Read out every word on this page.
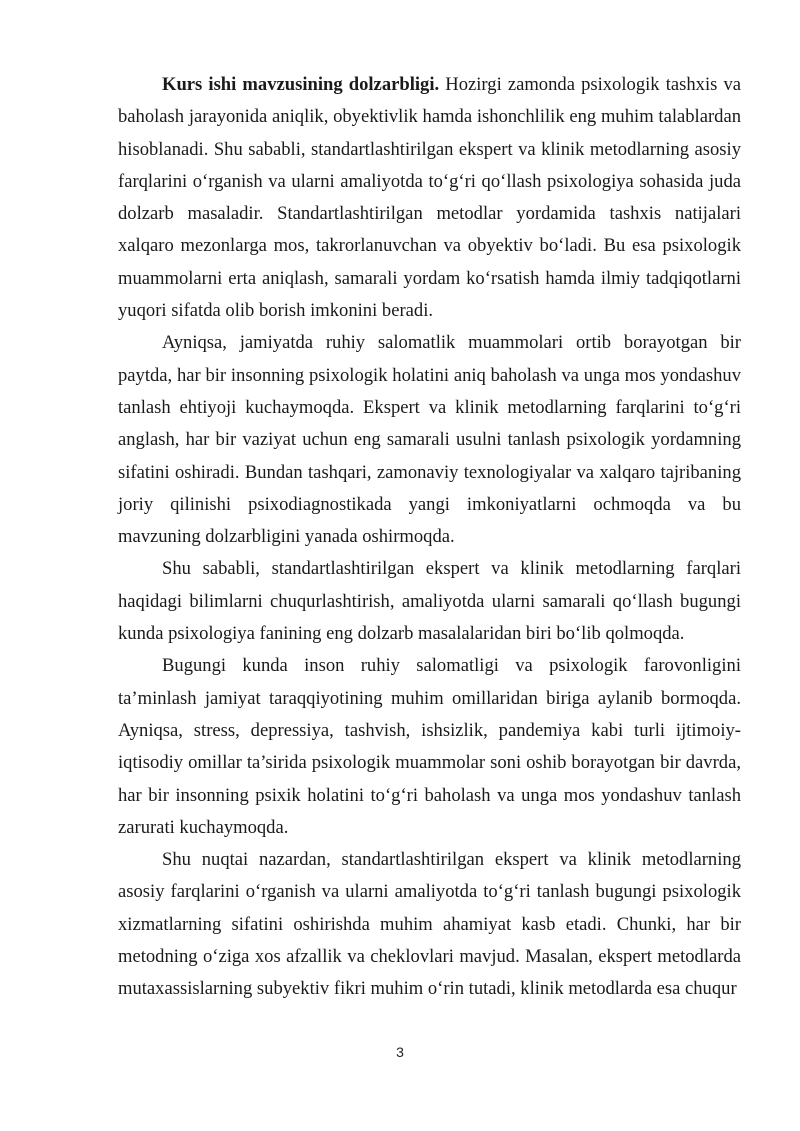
Kurs ishi mavzusining dolzarbligi. Hozirgi zamonda psixologik tashxis va baholash jarayonida aniqlik, obyektivlik hamda ishonchlilik eng muhim talablardan hisoblanadi. Shu sababli, standartlashtirilgan ekspert va klinik metodlarning asosiy farqlarini oʻrganish va ularni amaliyotda toʻgʻri qoʻllash psixologiya sohasida juda dolzarb masaladir. Standartlashtirilgan metodlar yordamida tashxis natijalari xalqaro mezonlarga mos, takrorlanuvchan va obyektiv boʻladi. Bu esa psixologik muammolarni erta aniqlash, samarali yordam koʻrsatish hamda ilmiy tadqiqotlarni yuqori sifatda olib borish imkonini beradi.

Ayniqsa, jamiyatda ruhiy salomatlik muammolari ortib borayotgan bir paytda, har bir insonning psixologik holatini aniq baholash va unga mos yondashuv tanlash ehtiyoji kuchaymoqda. Ekspert va klinik metodlarning farqlarini toʻgʻri anglash, har bir vaziyat uchun eng samarali usulni tanlash psixologik yordamning sifatini oshiradi. Bundan tashqari, zamonaviy texnologiyalar va xalqaro tajribaning joriy qilinishi psixodiagnostikada yangi imkoniyatlarni ochmoqda va bu mavzuning dolzarbligini yanada oshirmoqda.

Shu sababli, standartlashtirilgan ekspert va klinik metodlarning farqlari haqidagi bilimlarni chuqurlashtirish, amaliyotda ularni samarali qoʻllash bugungi kunda psixologiya fanining eng dolzarb masalalaridan biri boʻlib qolmoqda.

Bugungi kunda inson ruhiy salomatligi va psixologik farovonligini ta’minlash jamiyat taraqqiyotining muhim omillaridan biriga aylanib bormoqda. Ayniqsa, stress, depressiya, tashvish, ishsizlik, pandemiya kabi turli ijtimoiy-iqtisodiy omillar ta’sirida psixologik muammolar soni oshib borayotgan bir davrda, har bir insonning psixik holatini toʻgʻri baholash va unga mos yondashuv tanlash zarurati kuchaymoqda.

Shu nuqtai nazardan, standartlashtirilgan ekspert va klinik metodlarning asosiy farqlarini oʻrganish va ularni amaliyotda toʻgʻri tanlash bugungi psixologik xizmatlarning sifatini oshirishda muhim ahamiyat kasb etadi. Chunki, har bir metodning oʻziga xos afzallik va cheklovlari mavjud. Masalan, ekspert metodlarda mutaxassislarning subyektiv fikri muhim oʻrin tutadi, klinik metodlarda esa chuqur

3
